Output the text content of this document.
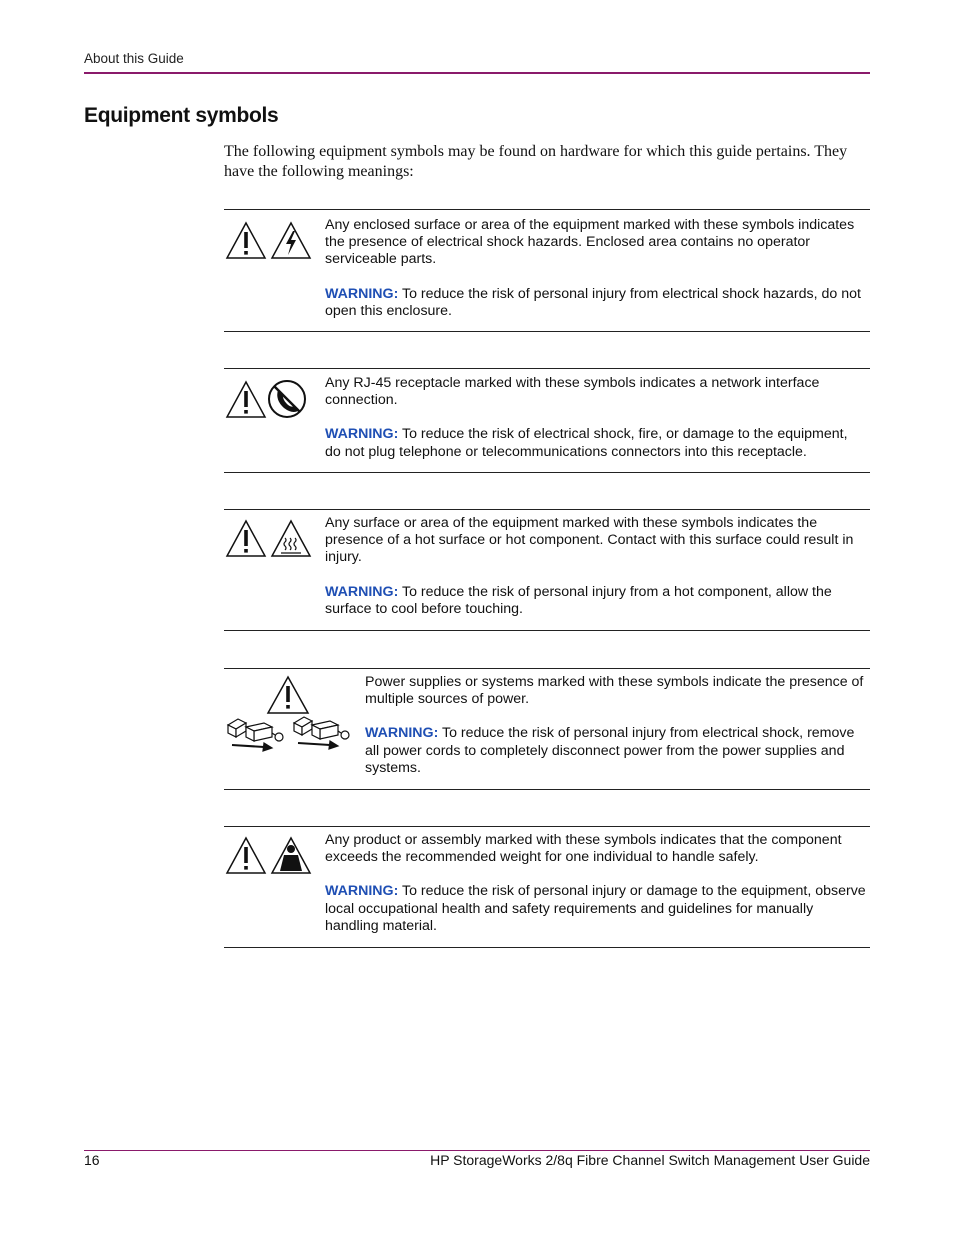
About this Guide
Equipment symbols

The following equipment symbols may be found on hardware for which this guide pertains. They have the following meanings:

Any enclosed surface or area of the equipment marked with these symbols indicates the presence of electrical shock hazards. Enclosed area contains no operator serviceable parts.

WARNING: To reduce the risk of personal injury from electrical shock hazards, do not open this enclosure.

Any RJ-45 receptacle marked with these symbols indicates a network interface connection.

WARNING: To reduce the risk of electrical shock, fire, or damage to the equipment, do not plug telephone or telecommunications connectors into this receptacle.

Any surface or area of the equipment marked with these symbols indicates the presence of a hot surface or hot component. Contact with this surface could result in injury.

WARNING: To reduce the risk of personal injury from a hot component, allow the surface to cool before touching.

Power supplies or systems marked with these symbols indicate the presence of multiple sources of power.

WARNING: To reduce the risk of personal injury from electrical shock, remove all power cords to completely disconnect power from the power supplies and systems.

Any product or assembly marked with these symbols indicates that the component exceeds the recommended weight for one individual to handle safely.

WARNING: To reduce the risk of personal injury or damage to the equipment, observe local occupational health and safety requirements and guidelines for manually handling material.

16	HP StorageWorks 2/8q Fibre Channel Switch Management User Guide
